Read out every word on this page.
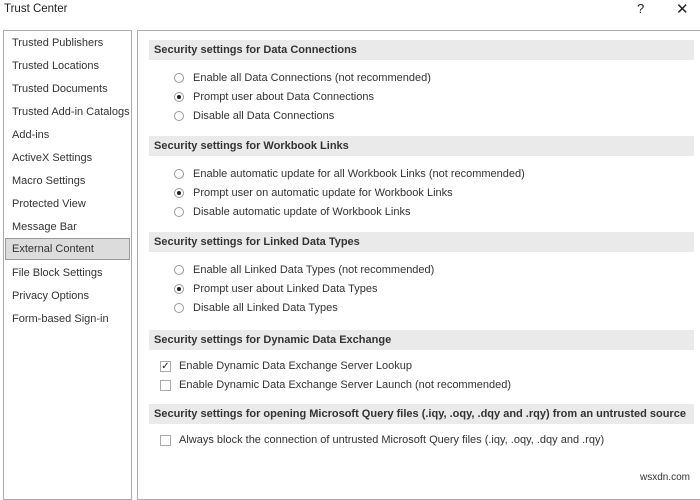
Trust Center	? ✕
Trusted Publishers
Trusted Locations
Trusted Documents
Trusted Add-in Catalogs
Add-ins
ActiveX Settings
Macro Settings
Protected View
Message Bar
External Content
File Block Settings
Privacy Options
Form-based Sign-in
Security settings for Data Connections
Enable all Data Connections (not recommended)
Prompt user about Data Connections
Disable all Data Connections
Security settings for Workbook Links
Enable automatic update for all Workbook Links (not recommended)
Prompt user on automatic update for Workbook Links
Disable automatic update of Workbook Links
Security settings for Linked Data Types
Enable all Linked Data Types (not recommended)
Prompt user about Linked Data Types
Disable all Linked Data Types
Security settings for Dynamic Data Exchange
✓ Enable Dynamic Data Exchange Server Lookup
Enable Dynamic Data Exchange Server Launch (not recommended)
Security settings for opening Microsoft Query files (.iqy, .oqy, .dqy and .rqy) from an untrusted source
Always block the connection of untrusted Microsoft Query files (.iqy, .oqy, .dqy and .rqy)
wsxdn.com
